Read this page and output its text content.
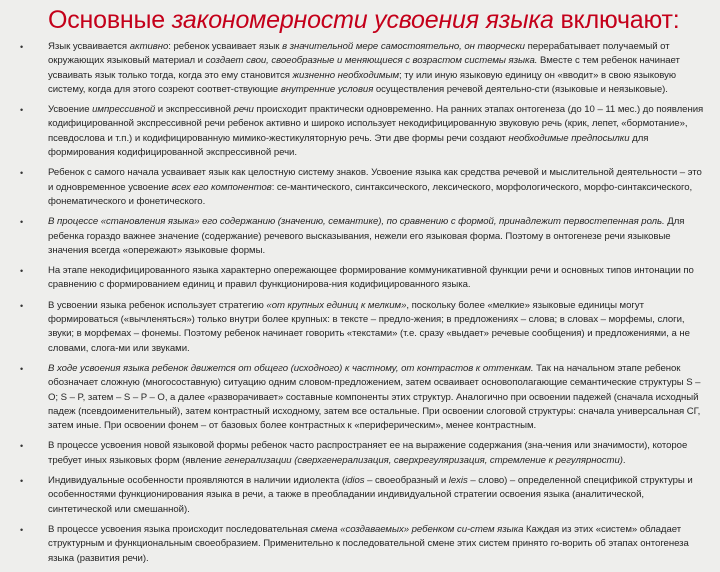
Основные закономерности усвоения языка включают:
•	Язык усваивается активно: ребенок усваивает язык в значительной мере самостоятельно, он творчески перерабатывает получаемый от окружающих языковый материал и создает свои, своеобразные и меняющиеся с возрастом системы языка. Вместе с тем ребенок начинает усваивать язык только тогда, когда это ему становится жизненно необходимым; ту или иную языковую единицу он «вводит» в свою языковую систему, когда для этого созреют соответ-ствующие внутренние условия осуществления речевой деятельно-сти (языковые и неязыковые).
•	Усвоение импрессивной и экспрессивной речи происходит практически одновременно. На ранних этапах онтогенеза (до 10 – 11 мес.) до появления кодифицированной экспрессивной речи ребенок активно и широко использует некодифицированную звуковую речь (крик, лепет, «бормотание», псевдослова и т.п.) и кодифицированную мимико-жестикуляторную речь. Эти две формы речи создают необходимые предпосылки для формирования кодифицированной экспрессивной речи.
•	Ребенок с самого начала усваивает язык как целостную систему знаков. Усвоение языка как средства речевой и мыслительной деятельности – это и одновременное усвоение всех его компонентов: се-мантического, синтаксического, лексического, морфологического, морфо-синтаксического, фонематического и фонетического.
•	В процессе «становления языка» его содержанию (значению, семантике), по сравнению с формой, принадлежит первостепенная роль. Для ребенка гораздо важнее значение (содержание) речевого высказывания, нежели его языковая форма. Поэтому в онтогенезе речи языковые значения всегда «опережают» языковые формы.
•	На этапе некодифицированного языка характерно опережающее формирование коммуникативной функции речи и основных типов интонации по сравнению с формированием единиц и правил функционирова-ния кодифицированного языка.
•	В усвоении языка ребенок использует стратегию «от крупных единиц к мелким», поскольку более «мелкие» языковые единицы могут формироваться («вычленяться») только внутри более крупных: в тексте – предло-жения; в предложениях – слова; в словах – морфемы, слоги, звуки; в морфемах – фонемы. Поэтому ребенок начинает говорить «текстами» (т.е. сразу «выдает» речевые сообщения) и предложениями, а не словами, слога-ми или звуками.
•	В ходе усвоения языка ребенок движется от общего (исходного) к частному, от контрастов к оттенкам. Так на начальном этапе ребенок обозначает сложную (многосоставную) ситуацию одним словом-предложением, затем осваивает основополагающие семантические структуры S – O; S – P, затем – S – P – O, а далее «разворачивает» составные компоненты этих структур. Аналогично при освоении падежей (сначала исходный падеж (псевдоименительный), затем контрастный исходному, затем все остальные. При освоении слоговой структуры: сначала универсальная СГ, затем иные. При освоении фонем – от базовых более контрастных к «периферическим», менее контрастным.
•	В процессе усвоения новой языковой формы ребенок часто распространяет ее на выражение содержания (зна-чения или значимости), которое требует иных языковых форм (явление генерализации (сверхгенерализация, сверхрегуляризация, стремление к регулярности).
•	Индивидуальные особенности проявляются в наличии идиолекта (idios – своеобразный и lexis – слово) – определенной спецификой структуры и особенностями функционирования языка в речи, а также в преобладании индивидуальной стратегии освоения языка (аналитической, синтетической или смешанной).
•	В процессе усвоения языка происходит последовательная смена «создаваемых» ребенком си-стем языка Каждая из этих «систем» обладает структурным и функциональным своеобразием. Применительно к последовательной смене этих систем принято го-ворить об этапах онтогенеза языка (развития речи).
